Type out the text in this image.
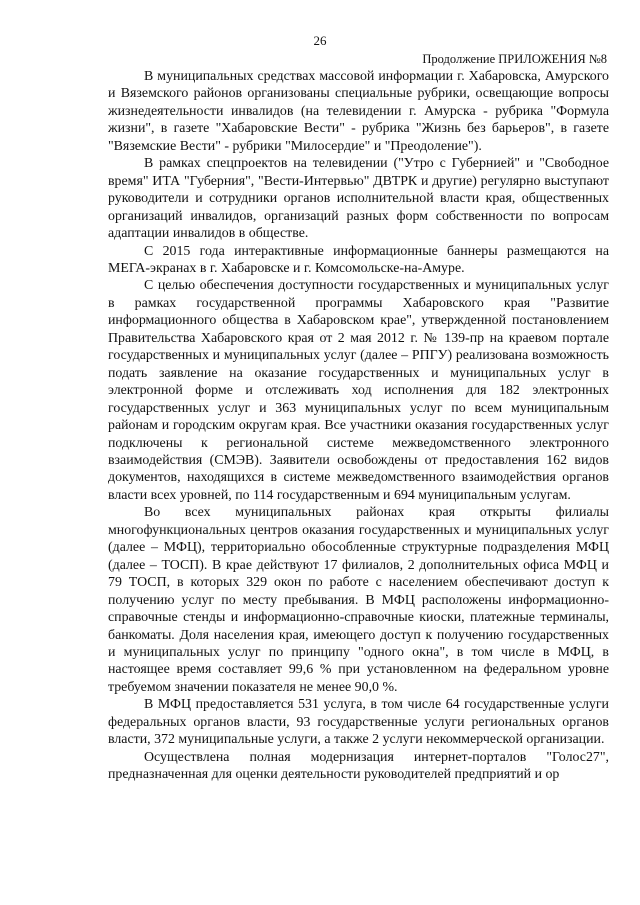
26
Продолжение ПРИЛОЖЕНИЯ №8

В муниципальных средствах массовой информации г. Хабаровска, Амурского и Вяземского районов организованы специальные рубрики, освещающие вопросы жизнедеятельности инвалидов (на телевидении г. Амурска - рубрика "Формула жизни", в газете "Хабаровские Вести" - рубрика "Жизнь без барьеров", в газете "Вяземские Вести" - рубрики "Милосердие" и "Преодоление").

В рамках спецпроектов на телевидении ("Утро с Губернией" и "Свободное время" ИТА "Губерния", "Вести-Интервью" ДВТРК и другие) регулярно выступают руководители и сотрудники органов исполнительной власти края, общественных организаций инвалидов, организаций разных форм собственности по вопросам адаптации инвалидов в обществе.

С 2015 года интерактивные информационные баннеры размещаются на МЕГА-экранах в г. Хабаровске и г. Комсомольске-на-Амуре.

С целью обеспечения доступности государственных и муниципальных услуг в рамках государственной программы Хабаровского края "Развитие информационного общества в Хабаровском крае", утвержденной постановлением Правительства Хабаровского края от 2 мая 2012 г. № 139-пр на краевом портале государственных и муниципальных услуг (далее – РПГУ) реализована возможность подать заявление на оказание государственных и муниципальных услуг в электронной форме и отслеживать ход исполнения для 182 электронных государственных услуг и 363 муниципальных услуг по всем муниципальным районам и городским округам края. Все участники оказания государственных услуг подключены к региональной системе межведомственного электронного взаимодействия (СМЭВ). Заявители освобождены от предоставления 162 видов документов, находящихся в системе межведомственного взаимодействия органов власти всех уровней, по 114 государственным и 694 муниципальным услугам.

Во всех муниципальных районах края открыты филиалы многофункциональных центров оказания государственных и муниципальных услуг (далее – МФЦ), территориально обособленные структурные подразделения МФЦ (далее – ТОСП). В крае действуют 17 филиалов, 2 дополнительных офиса МФЦ и 79 ТОСП, в которых 329 окон по работе с населением обеспечивают доступ к получению услуг по месту пребывания. В МФЦ расположены информационно-справочные стенды и информационно-справочные киоски, платежные терминалы, банкоматы. Доля населения края, имеющего доступ к получению государственных и муниципальных услуг по принципу "одного окна", в том числе в МФЦ, в настоящее время составляет 99,6 % при установленном на федеральном уровне требуемом значении показателя не менее 90,0 %.

В МФЦ предоставляется 531 услуга, в том числе 64 государственные услуги федеральных органов власти, 93 государственные услуги региональных органов власти, 372 муниципальные услуги, а также 2 услуги некоммерческой организации.

Осуществлена полная модернизация интернет-порталов "Голос27", предназначенная для оценки деятельности руководителей предприятий и ор
